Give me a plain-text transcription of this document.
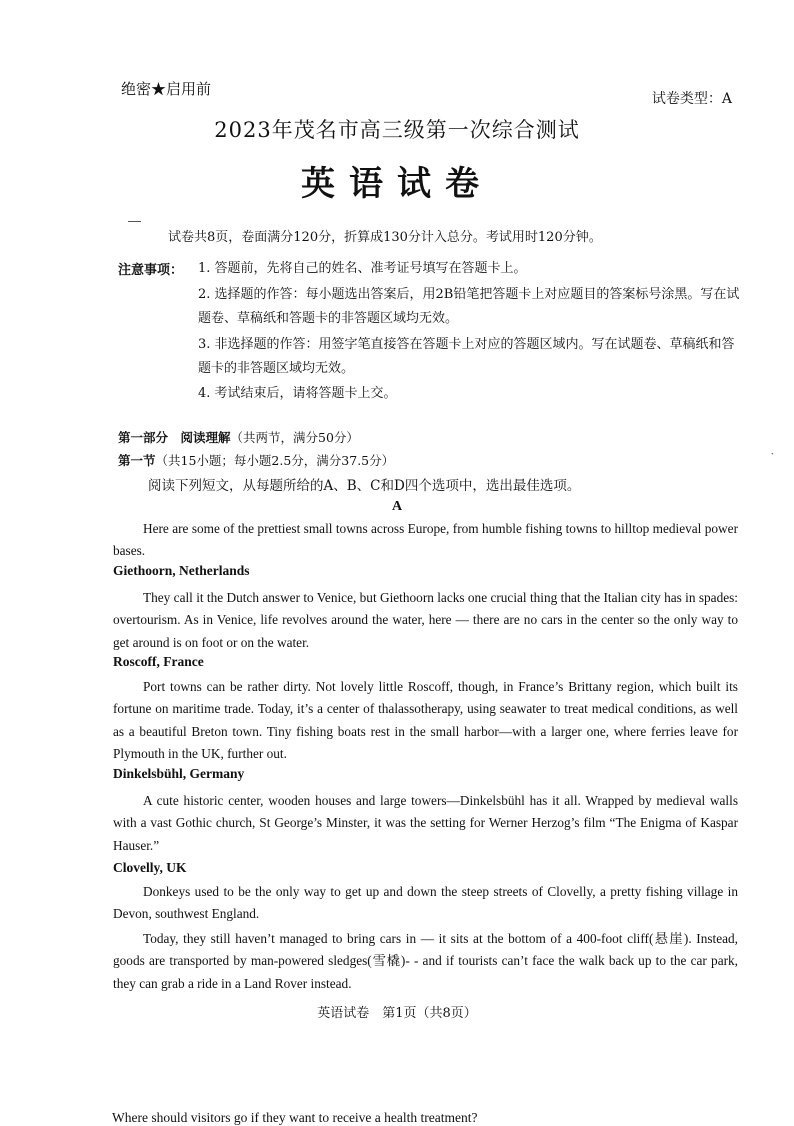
绝密★启用前
试卷类型：A
2023年茂名市高三级第一次综合测试
英语试卷
试卷共8页，卷面满分120分，折算成130分计入总分。考试用时120分钟。
注意事项： 1. 答题前，先将自己的姓名、准考证号填写在答题卡上。
2. 选择题的作答：每小题选出答案后，用2B铅笔把答题卡上对应题目的答案标号涂黑。写在试题卷、草稿纸和答题卡的非答题区域均无效。
3. 非选择题的作答：用签字笔直接答在答题卡上对应的答题区域内。写在试题卷、草稿纸和答题卡的非答题区域均无效。
4. 考试结束后，请将答题卡上交。
第一部分　阅读理解（共两节，满分50分）
第一节（共15小题；每小题2.5分，满分37.5分）
阅读下列短文，从每题所给的A、B、C和D四个选项中，选出最佳选项。
˺
A
Here are some of the prettiest small towns across Europe, from humble fishing towns to hilltop medieval power bases.
Giethoorn, Netherlands
They call it the Dutch answer to Venice, but Giethoorn lacks one crucial thing that the Italian city has in spades: overtourism. As in Venice, life revolves around the water, here — there are no cars in the center so the only way to get around is on foot or on the water.
Roscoff, France
Port towns can be rather dirty. Not lovely little Roscoff, though, in France’s Brittany region, which built its fortune on maritime trade. Today, it’s a center of thalassotherapy, using seawater to treat medical conditions, as well as a beautiful Breton town. Tiny fishing boats rest in the small harbor—with a larger one, where ferries leave for Plymouth in the UK, further out.
Dinkelsbühl, Germany
A cute historic center, wooden houses and large towers—Dinkelsbühl has it all. Wrapped by medieval walls with a vast Gothic church, St George’s Minster, it was the setting for Werner Herzog’s film “The Enigma of Kaspar Hauser.”
Clovelly, UK
Donkeys used to be the only way to get up and down the steep streets of Clovelly, a pretty fishing village in Devon, southwest England.
Today, they still haven’t managed to bring cars in — it sits at the bottom of a 400-foot cliff(悬崖). Instead, goods are transported by man-powered sledges(雪橇)- - and if tourists can’t face the walk back up to the car park, they can grab a ride in a Land Rover instead.
英语试卷　第1页（共8页）
Where should visitors go if they want to receive a health treatment?
